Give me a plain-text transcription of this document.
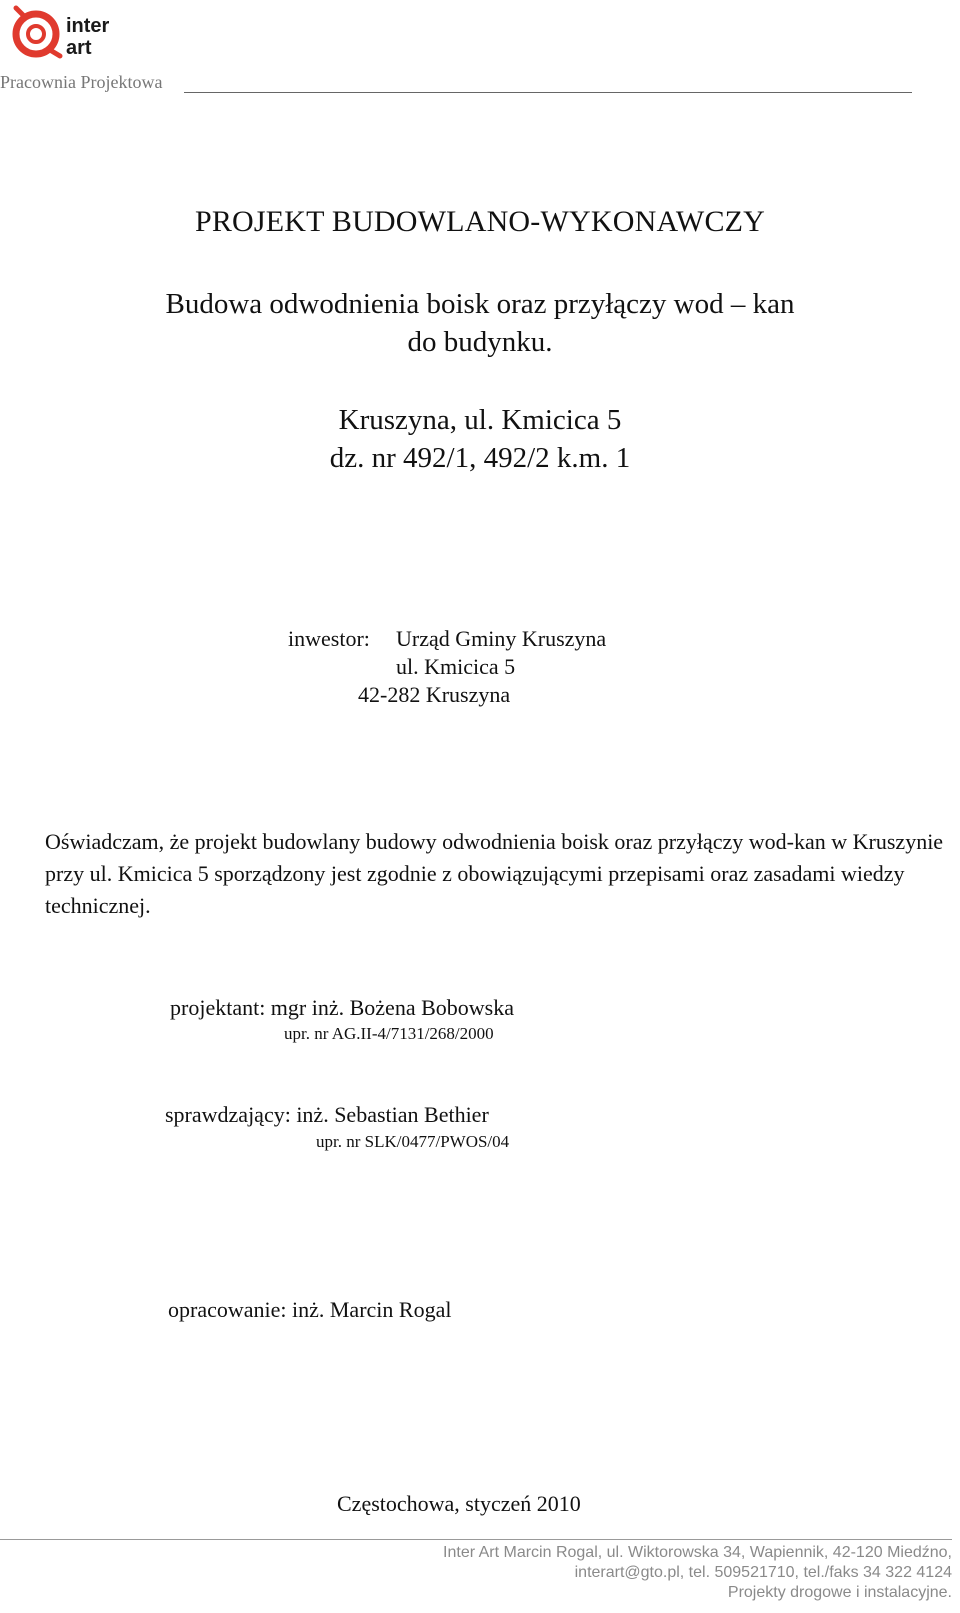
inter
art
Pracownia Projektowa
PROJEKT BUDOWLANO-WYKONAWCZY
Budowa odwodnienia boisk oraz przyłączy wod – kan
do budynku.
Kruszyna, ul. Kmicica 5
dz. nr 492/1, 492/2 k.m. 1
inwestor: Urząd Gminy Kruszyna
ul. Kmicica 5
42-282 Kruszyna
Oświadczam, że projekt budowlany budowy odwodnienia boisk oraz przyłączy wod-kan w Kruszynie przy ul. Kmicica 5 sporządzony jest zgodnie z obowiązującymi przepisami oraz zasadami wiedzy technicznej.
projektant: mgr inż. Bożena Bobowska
upr. nr AG.II-4/7131/268/2000
sprawdzający: inż. Sebastian Bethier
upr. nr SLK/0477/PWOS/04
opracowanie: inż. Marcin Rogal
Częstochowa, styczeń 2010
Inter Art Marcin Rogal, ul. Wiktorowska 34, Wapiennik, 42-120 Miedźno,
interart@gto.pl, tel. 509521710, tel./faks 34 322 4124
Projekty drogowe i instalacyjne.
